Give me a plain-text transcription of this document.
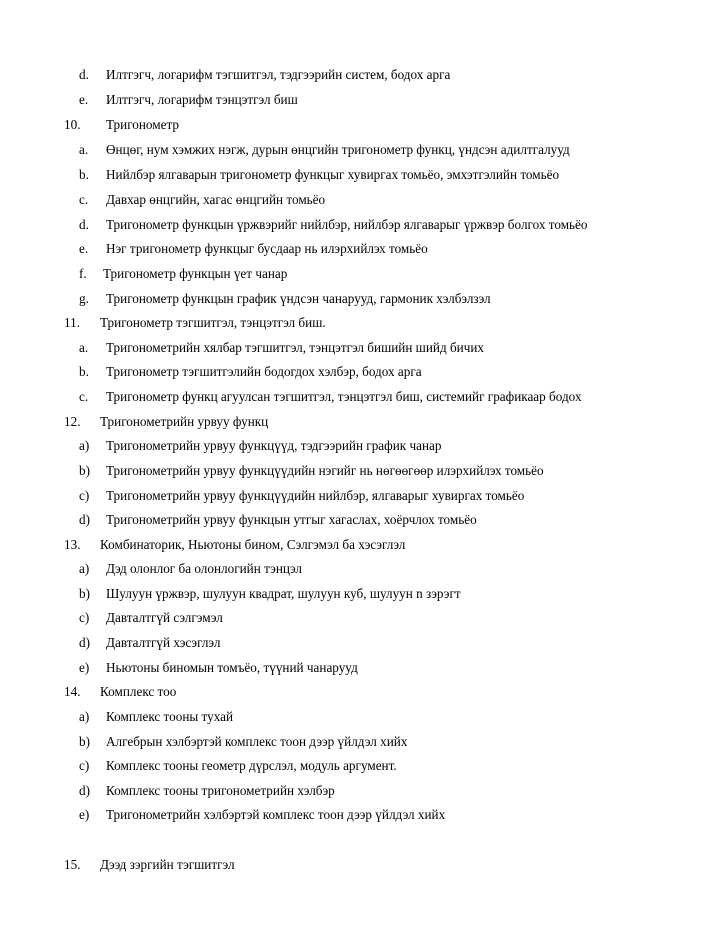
d. Илтгэгч, логарифм тэгшитгэл, тэдгээрийн систем, бодох арга
e. Илтгэгч, логарифм тэнцэтгэл биш
10. Тригонометр
a. Өнцөг, нум хэмжих нэгж, дурын өнцгийн тригонометр функц, үндсэн адилтгалууд
b. Нийлбэр ялгаварын тригонометр функцыг хувиргах томьёо, эмхэтгэлийн томьёо
c. Давхар өнцгийн, хагас өнцгийн томьёо
d. Тригонометр функцын үржвэрийг нийлбэр, нийлбэр ялгаварыг үржвэр болгох томьёо
e. Нэг тригонометр функцыг бусдаар нь илэрхийлэх томьёо
f. Тригонометр функцын үет чанар
g. Тригонометр функцын график үндсэн чанарууд, гармоник хэлбэлзэл
11. Тригонометр тэгшитгэл, тэнцэтгэл биш.
a. Тригонометрийн хялбар тэгшитгэл, тэнцэтгэл бишийн шийд бичих
b. Тригонометр тэгшитгэлийн бодогдох хэлбэр, бодох арга
c. Тригонометр функц агуулсан тэгшитгэл, тэнцэтгэл биш, системийг графикаар бодох
12. Тригонометрийн урвуу функц
a) Тригонометрийн урвуу функцүүд, тэдгээрийн график чанар
b) Тригонометрийн урвуу функцүүдийн нэгийг нь нөгөөгөөр илэрхийлэх томьёо
c) Тригонометрийн урвуу функцүүдийн нийлбэр, ялгаварыг хувиргах томьёо
d) Тригонометрийн урвуу функцын утгыг хагаслах, хоёрчлох томьёо
13. Комбинаторик, Ньютоны бином, Сэлгэмэл ба хэсэглэл
a) Дэд олонлог ба олонлогийн тэнцэл
b) Шулуун үржвэр, шулуун квадрат, шулуун куб, шулуун n зэрэгт
c) Давталтгүй сэлгэмэл
d) Давталтгүй хэсэглэл
e) Ньютоны биномын томъёо, түүний чанарууд
14. Комплекс тоо
a) Комплекс тооны тухай
b) Алгебрын хэлбэртэй комплекс тоон дээр үйлдэл хийх
c) Комплекс тооны геометр дүрслэл, модуль аргумент.
d) Комплекс тооны тригонометрийн хэлбэр
e) Тригонометрийн хэлбэртэй комплекс тоон дээр үйлдэл хийх
15. Дээд зэргийн тэгшитгэл
